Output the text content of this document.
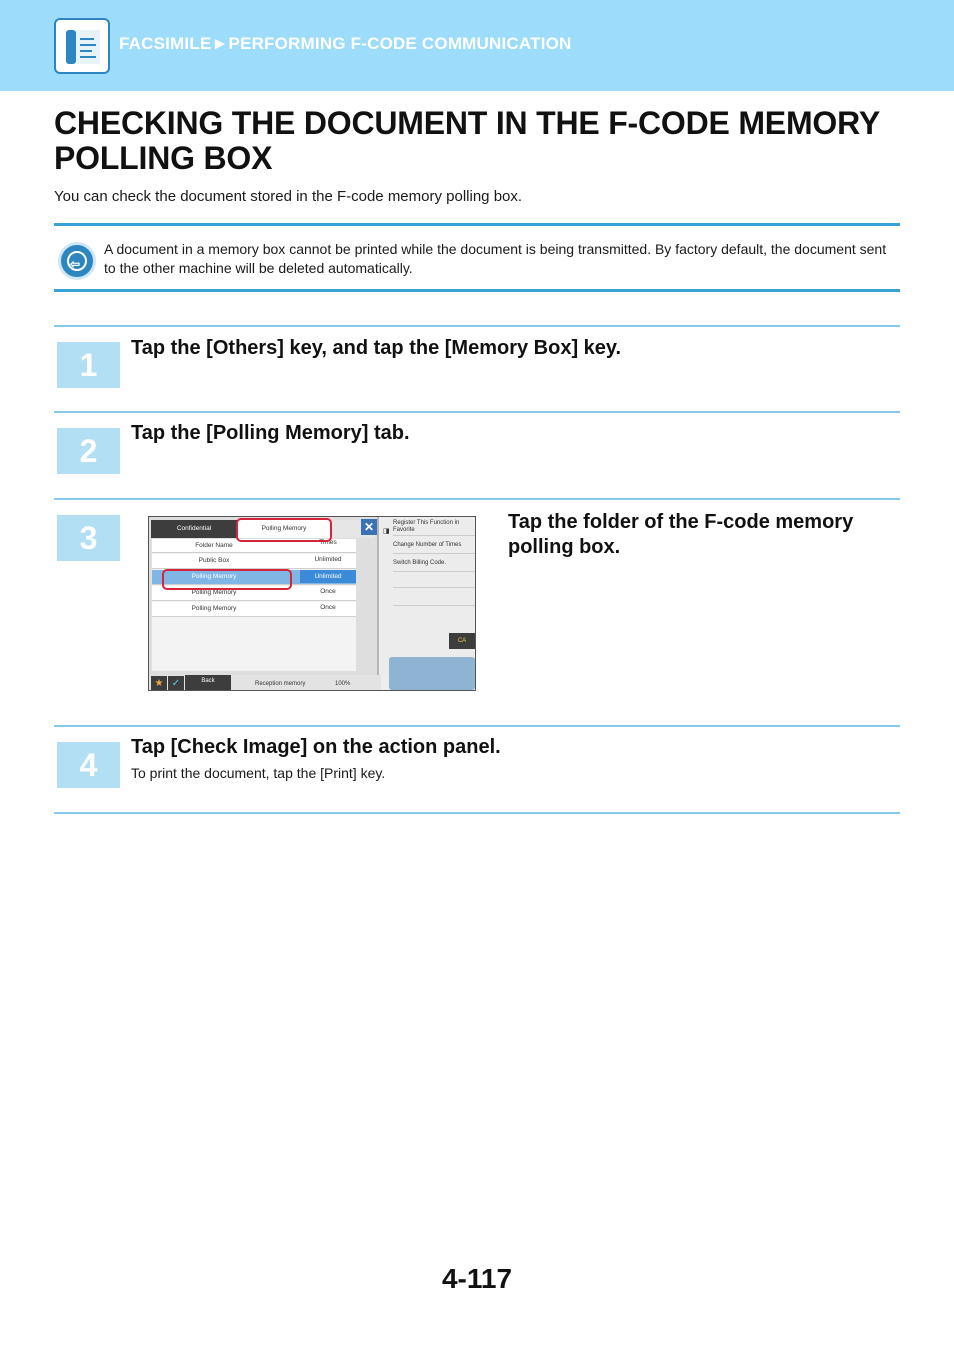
FACSIMILE►PERFORMING F-CODE COMMUNICATION
CHECKING THE DOCUMENT IN THE F-CODE MEMORY POLLING BOX
You can check the document stored in the F-code memory polling box.
⇦
A document in a memory box cannot be printed while the document is being transmitted. By factory default, the document sent to the other machine will be deleted automatically.
1	Tap the [Others] key, and tap the [Memory Box] key.
2	Tap the [Polling Memory] tab.
3	Tap the folder of the F-code memory polling box.
Confidential	Polling Memory	✕
Folder Name	Times
Public Box	Unlimited
Polling Memory	Unlimited
Polling Memory	Once
Polling Memory	Once
◨
Register This Function in Favorite
Change Number of Times
Switch Billing Code.
CA
★ ✓	Back	Reception memory	100%
4	Tap [Check Image] on the action panel.
To print the document, tap the [Print] key.
4-117
